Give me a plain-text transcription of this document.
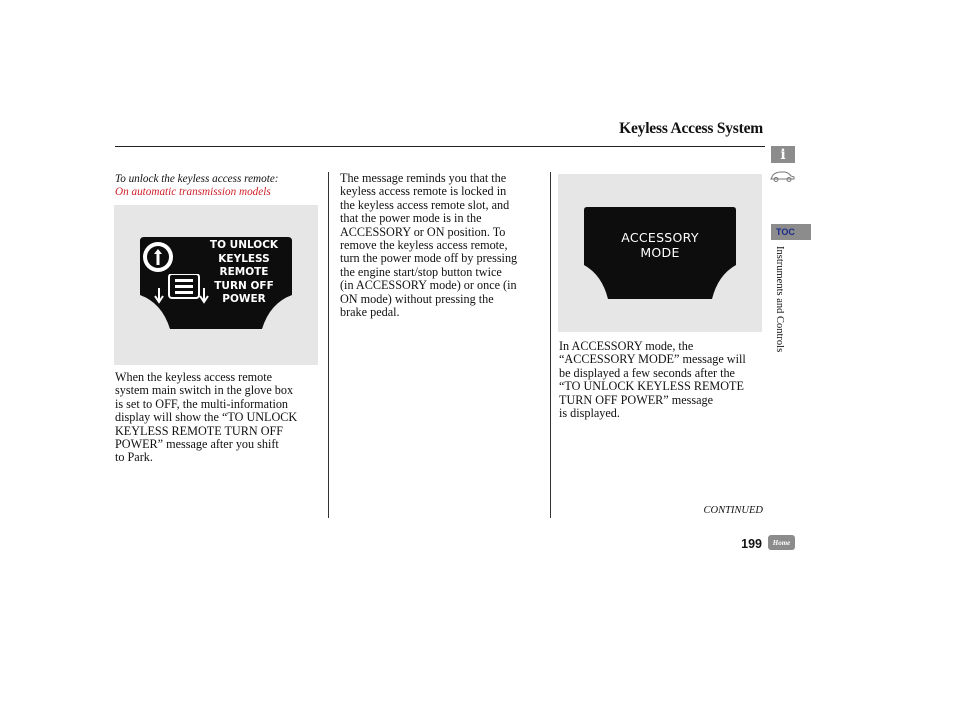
Keyless Access System
i
TOC
Instruments and Controls
To unlock the keyless access remote:
On automatic transmission models
TO UNLOCK
KEYLESS
REMOTE
TURN OFF
POWER
When the keyless access remote
system main switch in the glove box
is set to OFF, the multi-information
display will show the “TO UNLOCK
KEYLESS REMOTE TURN OFF
POWER” message after you shift
to Park.
The message reminds you that the
keyless access remote is locked in
the keyless access remote slot, and
that the power mode is in the
ACCESSORY or ON position. To
remove the keyless access remote,
turn the power mode off by pressing
the engine start/stop button twice
(in ACCESSORY mode) or once (in
ON mode) without pressing the
brake pedal.
ACCESSORY
MODE
In ACCESSORY mode, the
“ACCESSORY MODE” message will
be displayed a few seconds after the
“TO UNLOCK KEYLESS REMOTE
TURN OFF POWER” message
is displayed.
CONTINUED
199 Home
